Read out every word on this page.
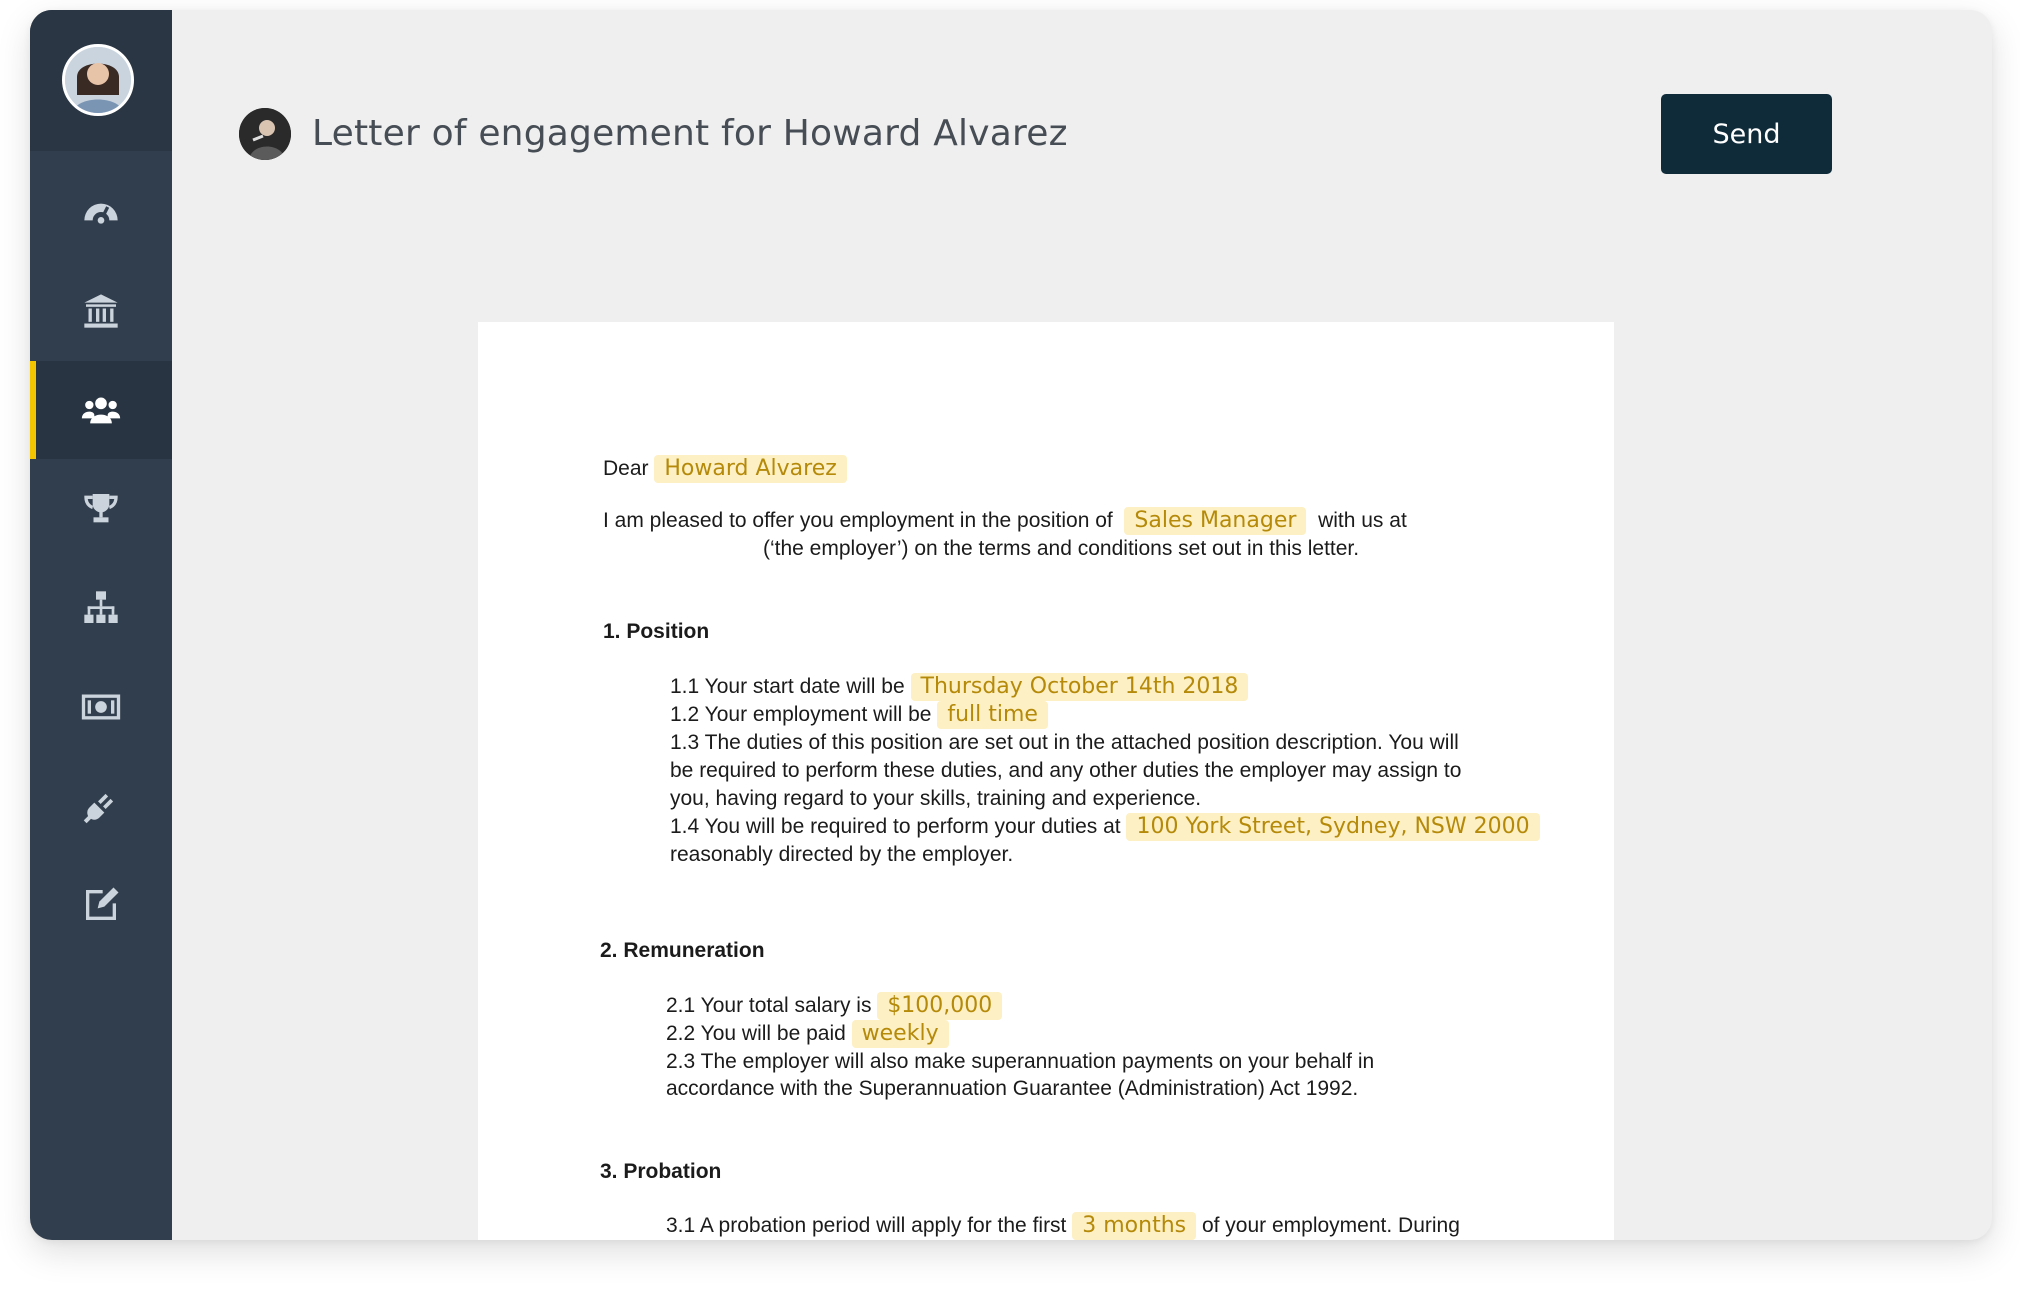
Letter of engagement for Howard Alvarez	Send
Dear Howard Alvarez
I am pleased to offer you employment in the position of Sales Manager with us at
(‘the employer’) on the terms and conditions set out in this letter.
1. Position
1.1 Your start date will be Thursday October 14th 2018
1.2 Your employment will be full time
1.3 The duties of this position are set out in the attached position description. You will
be required to perform these duties, and any other duties the employer may assign to
you, having regard to your skills, training and experience.
1.4 You will be required to perform your duties at 100 York Street, Sydney, NSW 2000
reasonably directed by the employer.
2. Remuneration
2.1 Your total salary is $100,000
2.2 You will be paid weekly
2.3 The employer will also make superannuation payments on your behalf in
accordance with the Superannuation Guarantee (Administration) Act 1992.
3. Probation
3.1 A probation period will apply for the first 3 months of your employment. During
